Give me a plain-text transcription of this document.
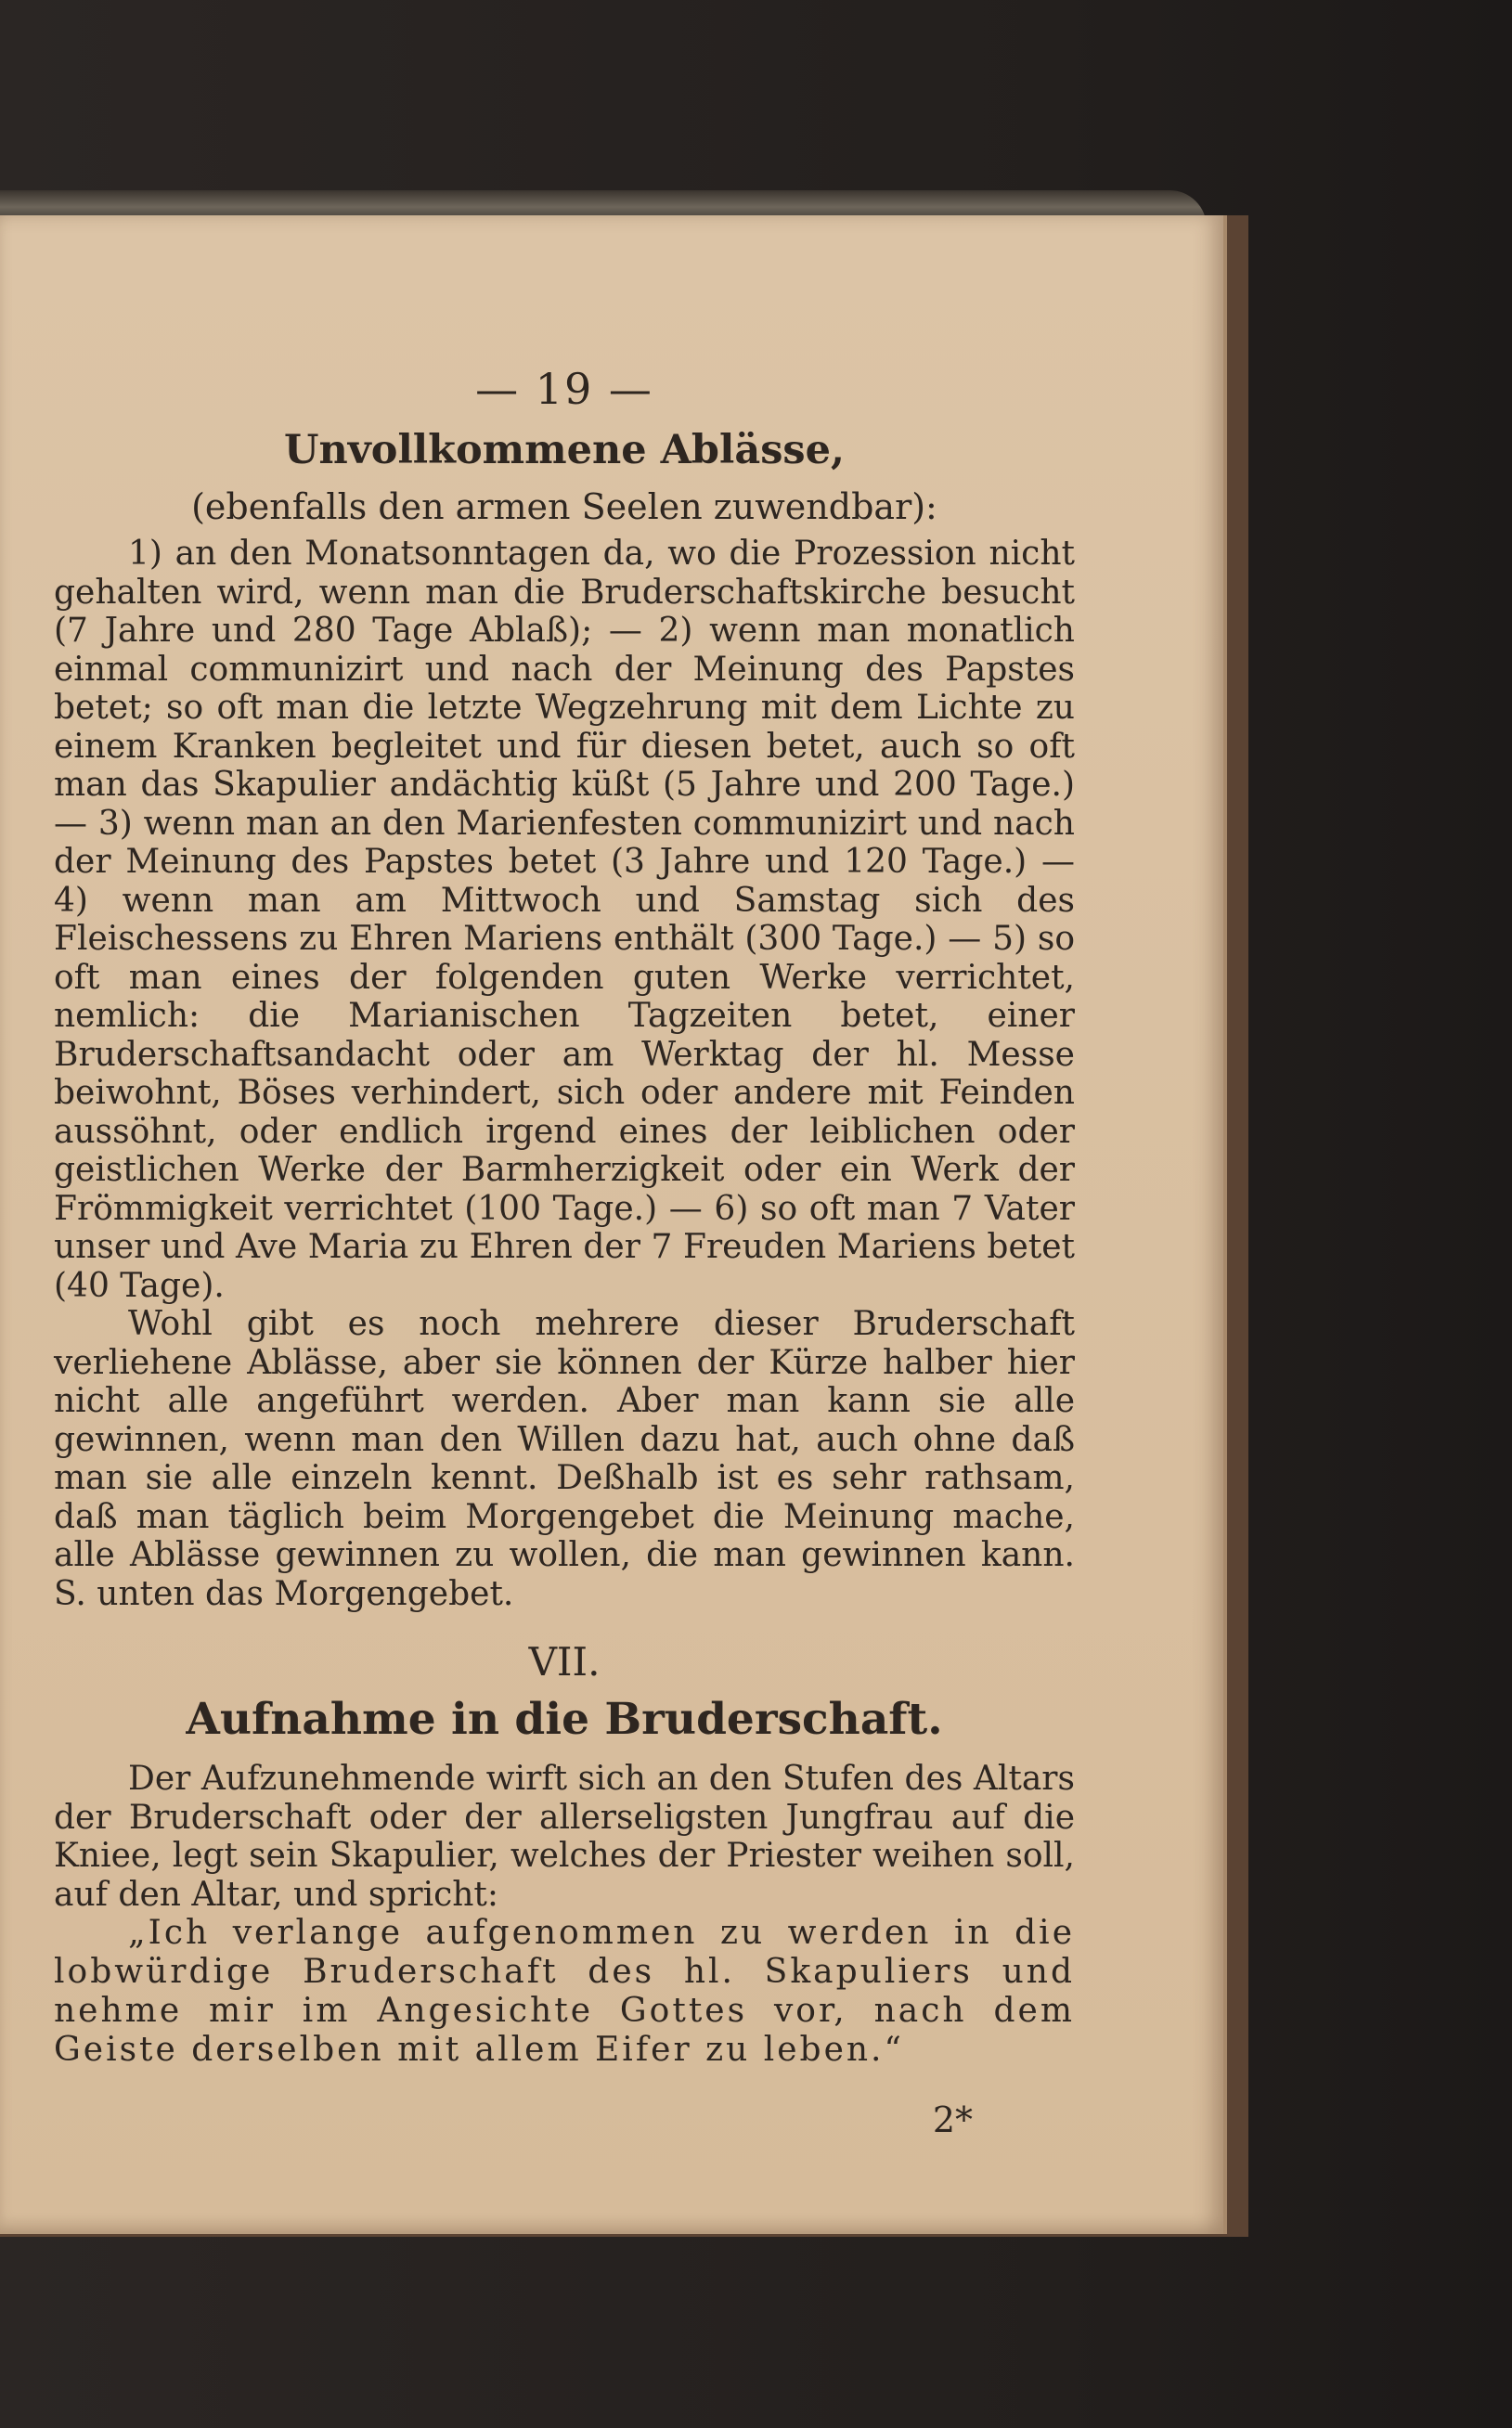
— 19 —
Unvollkommene Ablässe,
(ebenfalls den armen Seelen zuwendbar):

1) an den Monatsonntagen da, wo die Prozession nicht gehalten wird, wenn man die Bruderschaftskirche besucht (7 Jahre und 280 Tage Ablaß); — 2) wenn man monatlich einmal communizirt und nach der Meinung des Papstes betet; so oft man die letzte Wegzehrung mit dem Lichte zu einem Kranken begleitet und für diesen betet, auch so oft man das Skapulier andächtig küßt (5 Jahre und 200 Tage.) — 3) wenn man an den Marienfesten communizirt und nach der Meinung des Papstes betet (3 Jahre und 120 Tage.) — 4) wenn man am Mittwoch und Samstag sich des Fleischessens zu Ehren Mariens enthält (300 Tage.) — 5) so oft man eines der folgenden guten Werke verrichtet, nemlich: die Marianischen Tagzeiten betet, einer Bruderschaftsandacht oder am Werktag der hl. Messe beiwohnt, Böses verhindert, sich oder andere mit Feinden aussöhnt, oder endlich irgend eines der leiblichen oder geistlichen Werke der Barmherzigkeit oder ein Werk der Frömmigkeit verrichtet (100 Tage.) — 6) so oft man 7 Vater unser und Ave Maria zu Ehren der 7 Freuden Mariens betet (40 Tage).

Wohl gibt es noch mehrere dieser Bruderschaft verliehene Ablässe, aber sie können der Kürze halber hier nicht alle angeführt werden. Aber man kann sie alle gewinnen, wenn man den Willen dazu hat, auch ohne daß man sie alle einzeln kennt. Deßhalb ist es sehr rathsam, daß man täglich beim Morgengebet die Meinung mache, alle Ablässe gewinnen zu wollen, die man gewinnen kann. S. unten das Morgengebet.

VII.
Aufnahme in die Bruderschaft.

Der Aufzunehmende wirft sich an den Stufen des Altars der Bruderschaft oder der allerseligsten Jungfrau auf die Kniee, legt sein Skapulier, welches der Priester weihen soll, auf den Altar, und spricht:

„Ich verlange aufgenommen zu werden in die lobwürdige Bruderschaft des hl. Skapuliers und nehme mir im Angesichte Gottes vor, nach dem Geiste derselben mit allem Eifer zu leben.“

2*
